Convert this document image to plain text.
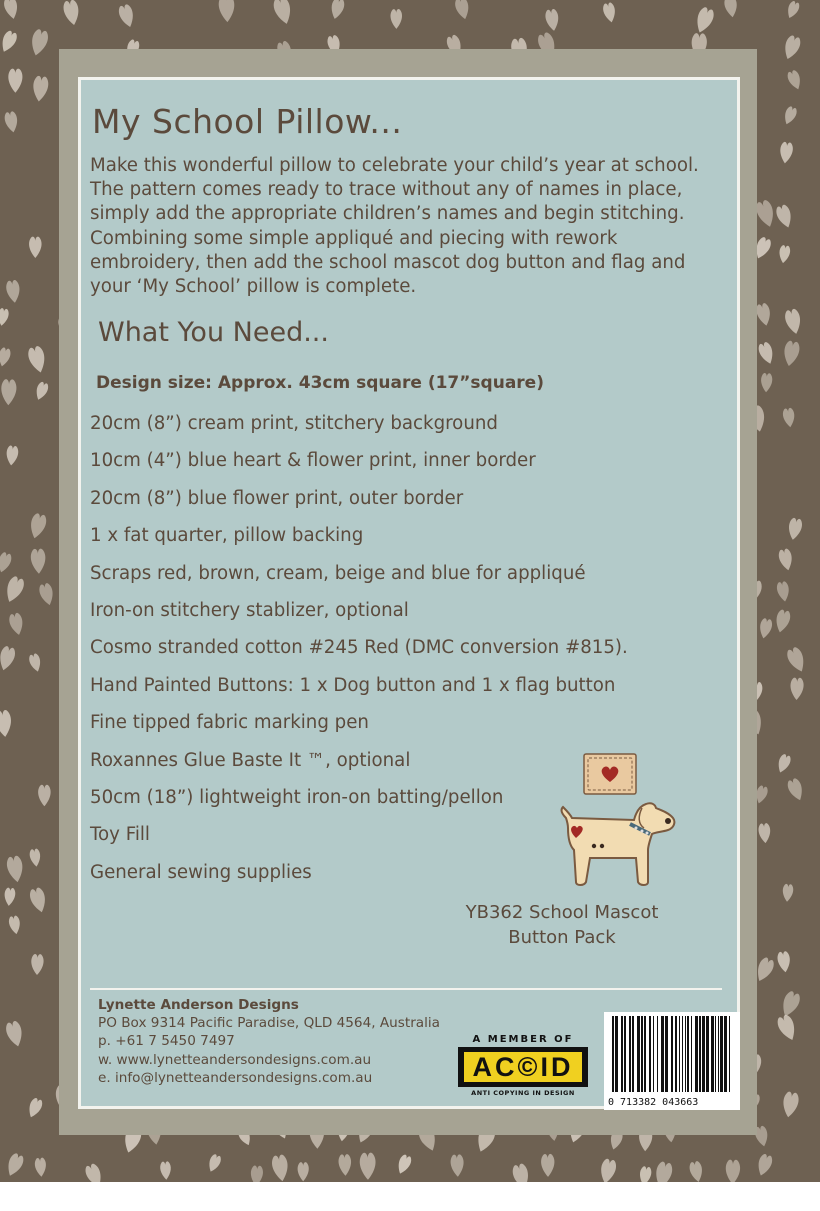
My School Pillow...

Make this wonderful pillow to celebrate your child’s year at school. The pattern comes ready to trace without any of names in place, simply add the appropriate children’s names and begin stitching. Combining some simple appliqué and piecing with rework embroidery, then add the school mascot dog button and flag and your ‘My School’ pillow is complete.

What You Need...

Design size: Approx. 43cm square (17”square)

20cm (8”) cream print, stitchery background
10cm (4”) blue heart & flower print, inner border
20cm (8”) blue flower print, outer border
1 x fat quarter, pillow backing
Scraps red, brown, cream, beige and blue for appliqué
Iron-on stitchery stablizer, optional
Cosmo stranded cotton #245 Red (DMC conversion #815).
Hand Painted Buttons: 1 x Dog button and 1 x flag button
Fine tipped fabric marking pen
Roxannes Glue Baste It ™, optional
50cm (18”) lightweight iron-on batting/pellon
Toy Fill
General sewing supplies
YB362 School Mascot
Button Pack
Lynette Anderson Designs
PO Box 9314 Pacific Paradise, QLD 4564, Australia
p. +61 7 5450 7497
w. www.lynetteandersondesigns.com.au
e. info@lynetteandersondesigns.com.au
A MEMBER OF
AC©ID
ANTI COPYING IN DESIGN
0 713382 043663
